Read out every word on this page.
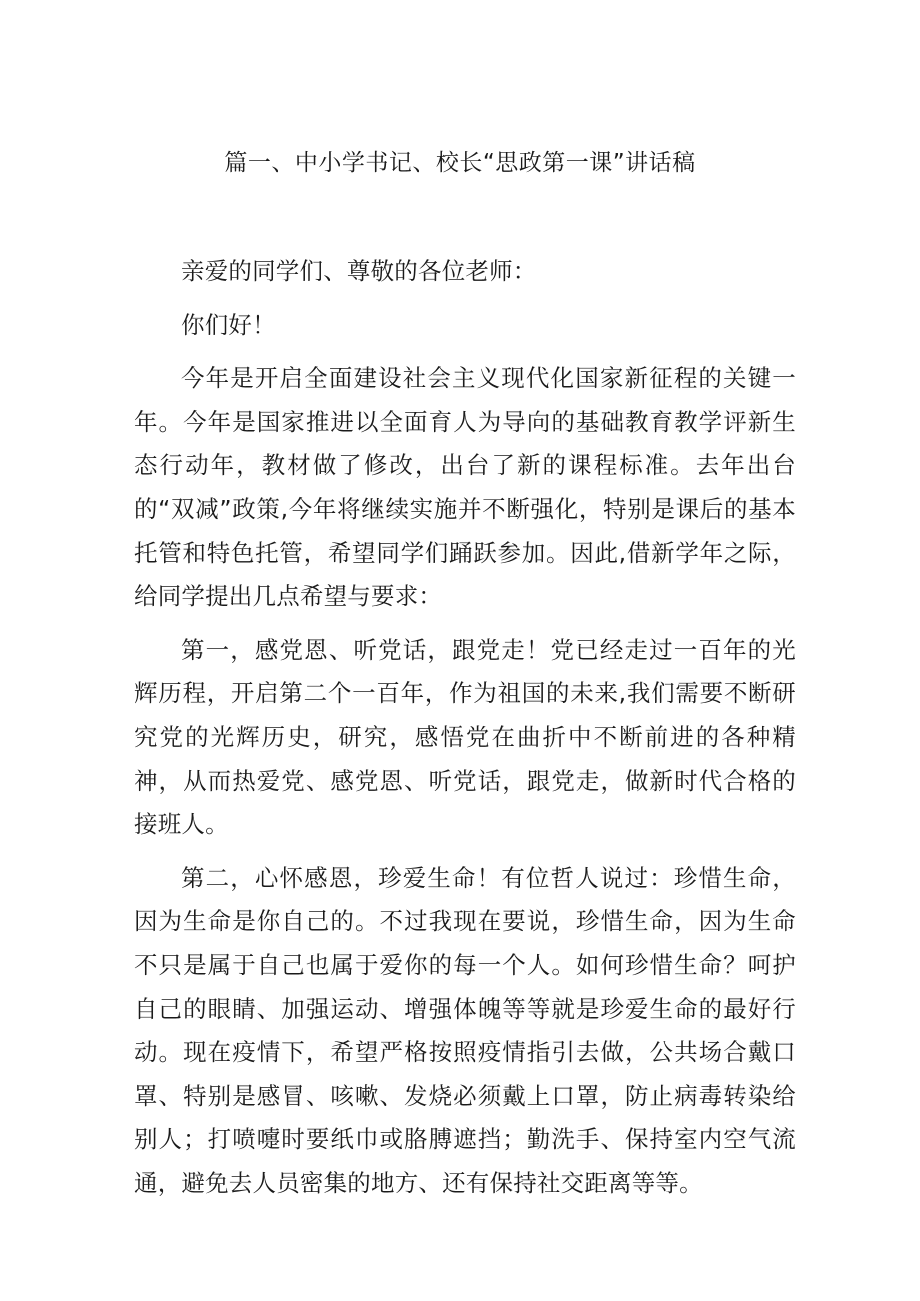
篇一、中小学书记、校长“思政第一课”讲话稿

亲爱的同学们、尊敬的各位老师：

你们好！

今年是开启全面建设社会主义现代化国家新征程的关键一年。今年是国家推进以全面育人为导向的基础教育教学评新生态行动年，教材做了修改，出台了新的课程标准。去年出台的“双减”政策,今年将继续实施并不断强化，特别是课后的基本托管和特色托管，希望同学们踊跃参加。因此,借新学年之际，给同学提出几点希望与要求：

第一，感党恩、听党话，跟党走！党已经走过一百年的光辉历程，开启第二个一百年，作为祖国的未来,我们需要不断研究党的光辉历史，研究，感悟党在曲折中不断前进的各种精神，从而热爱党、感党恩、听党话，跟党走，做新时代合格的接班人。

第二，心怀感恩，珍爱生命！有位哲人说过：珍惜生命，因为生命是你自己的。不过我现在要说，珍惜生命，因为生命不只是属于自己也属于爱你的每一个人。如何珍惜生命？呵护自己的眼睛、加强运动、增强体魄等等就是珍爱生命的最好行动。现在疫情下，希望严格按照疫情指引去做，公共场合戴口罩、特别是感冒、咳嗽、发烧必须戴上口罩，防止病毒转染给别人；打喷嚏时要纸巾或胳膊遮挡；勤洗手、保持室内空气流通，避免去人员密集的地方、还有保持社交距离等等。
